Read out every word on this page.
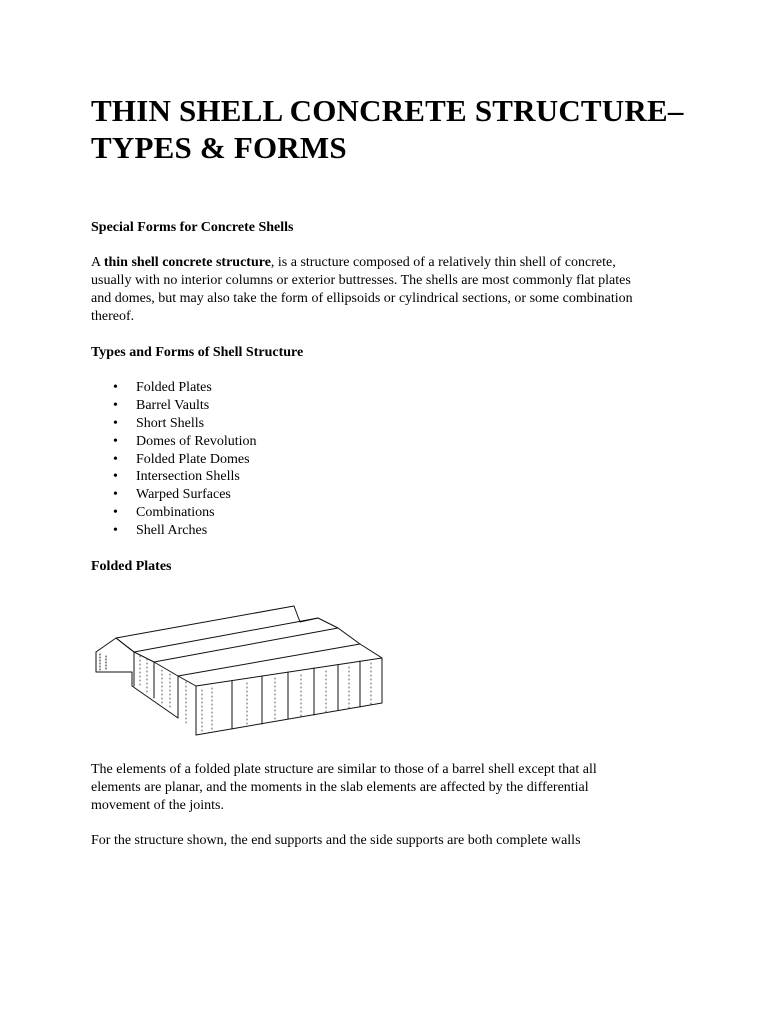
THIN SHELL CONCRETE STRUCTURE–
TYPES & FORMS

Special Forms for Concrete Shells

A thin shell concrete structure, is a structure composed of a relatively thin shell of concrete,
usually with no interior columns or exterior buttresses. The shells are most commonly flat plates
and domes, but may also take the form of ellipsoids or cylindrical sections, or some combination
thereof.

Types and Forms of Shell Structure

• Folded Plates
• Barrel Vaults
• Short Shells
• Domes of Revolution
• Folded Plate Domes
• Intersection Shells
• Warped Surfaces
• Combinations
• Shell Arches

Folded Plates

The elements of a folded plate structure are similar to those of a barrel shell except that all
elements are planar, and the moments in the slab elements are affected by the differential
movement of the joints.

For the structure shown, the end supports and the side supports are both complete walls
